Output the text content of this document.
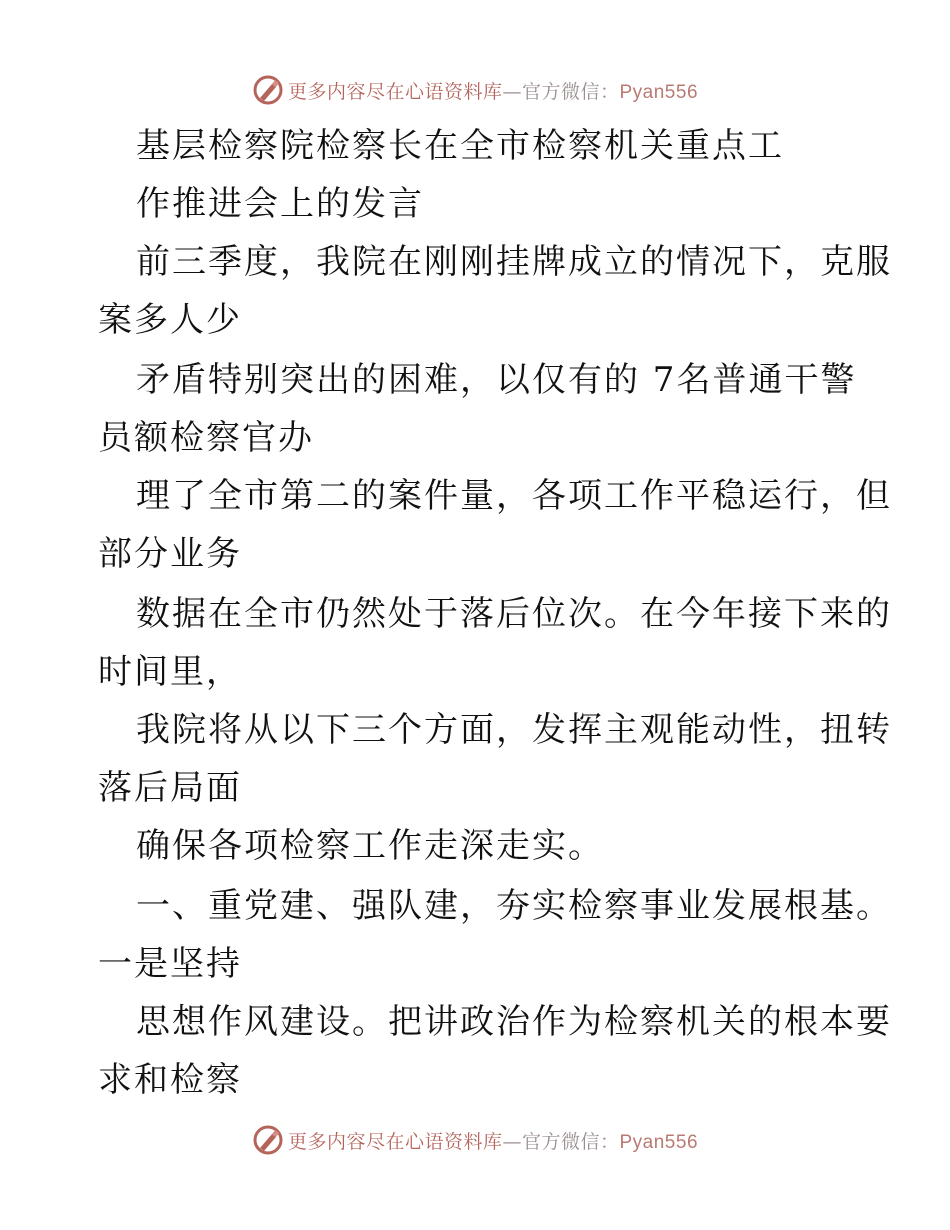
更多内容尽在心语资料库—官方微信：Pyan556
基层检察院检察长在全市检察机关重点工
作推进会上的发言
前三季度，我院在刚刚挂牌成立的情况下，克服
案多人少
矛盾特别突出的困难，以仅有的 7名普通干警
员额检察官办
理了全市第二的案件量，各项工作平稳运行，但
部分业务
数据在全市仍然处于落后位次。在今年接下来的
时间里，
我院将从以下三个方面，发挥主观能动性，扭转
落后局面
确保各项检察工作走深走实。
一、重党建、强队建，夯实检察事业发展根基。
一是坚持
思想作风建设。把讲政治作为检察机关的根本要
求和检察
更多内容尽在心语资料库—官方微信：Pyan556
